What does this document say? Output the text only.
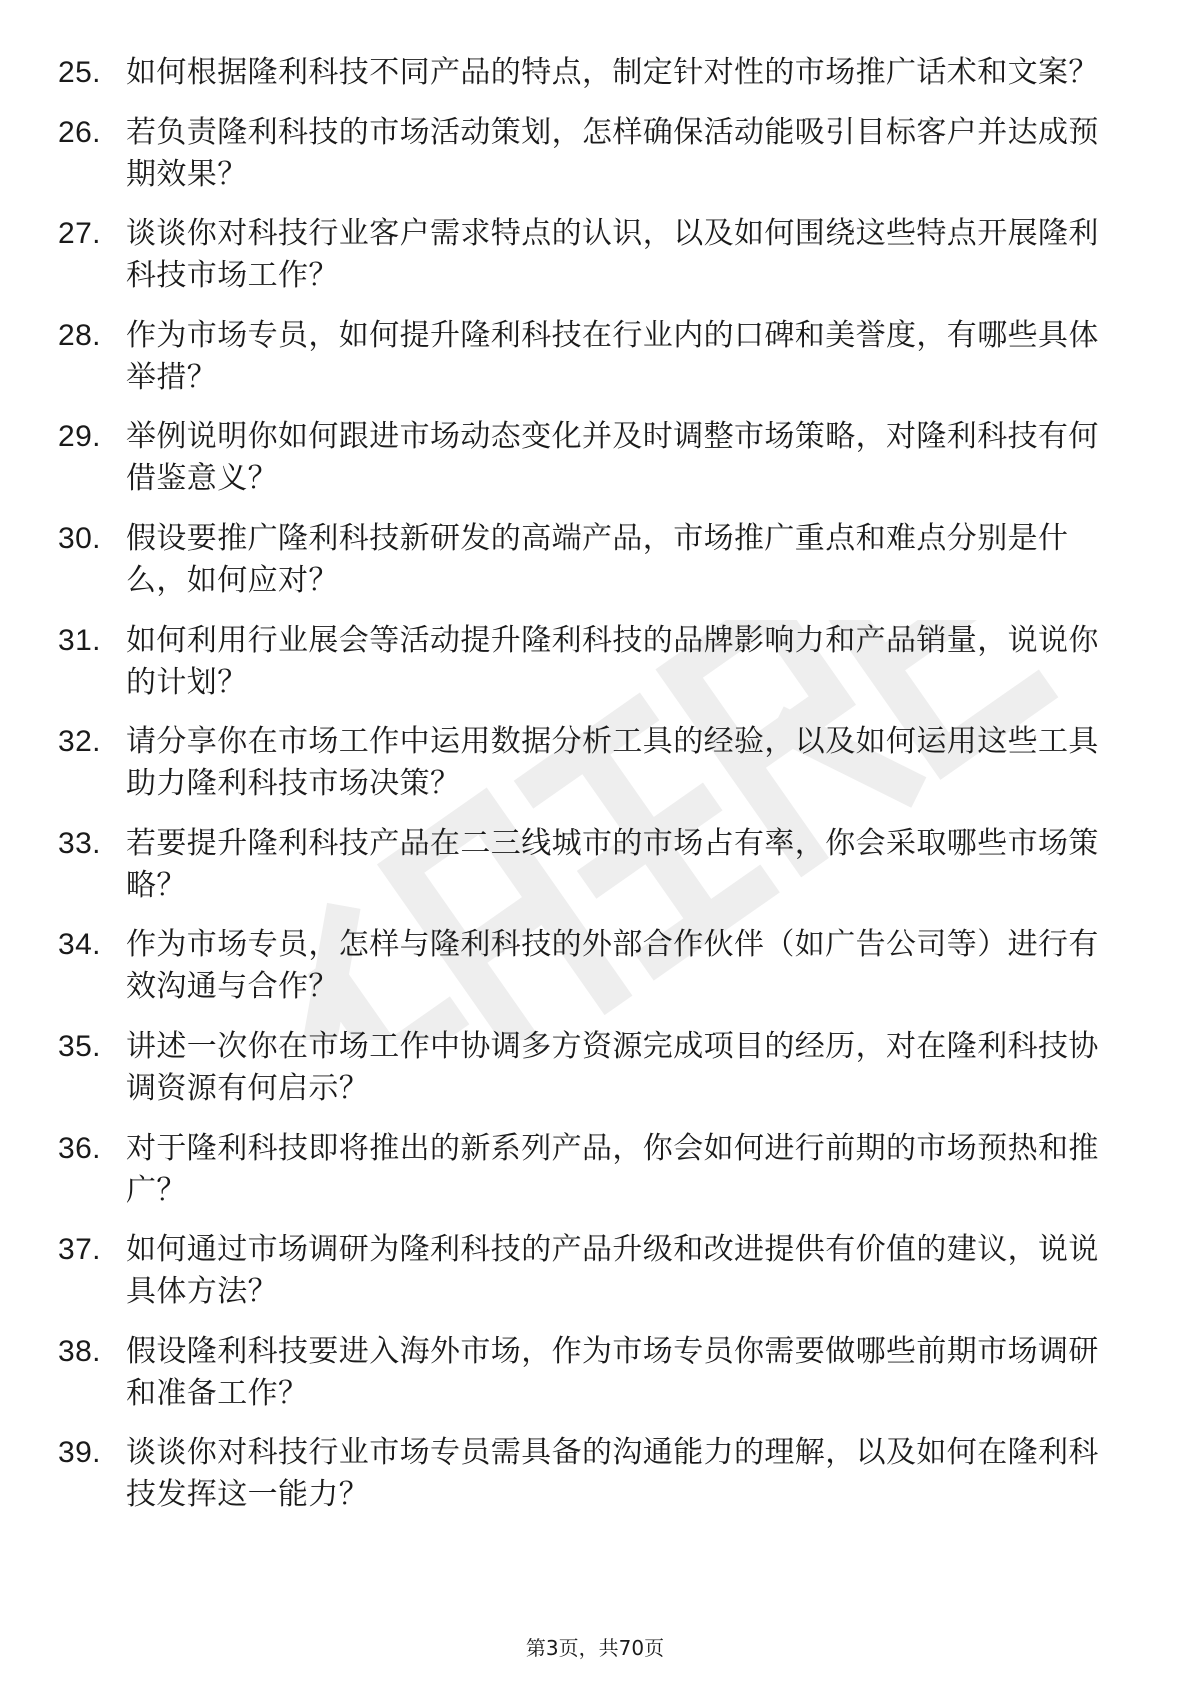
25. 如何根据隆利科技不同产品的特点，制定针对性的市场推广话术和文案？
26. 若负责隆利科技的市场活动策划，怎样确保活动能吸引目标客户并达成预期效果？
27. 谈谈你对科技行业客户需求特点的认识，以及如何围绕这些特点开展隆利科技市场工作？
28. 作为市场专员，如何提升隆利科技在行业内的口碑和美誉度，有哪些具体举措？
29. 举例说明你如何跟进市场动态变化并及时调整市场策略，对隆利科技有何借鉴意义？
30. 假设要推广隆利科技新研发的高端产品，市场推广重点和难点分别是什么，如何应对？
31. 如何利用行业展会等活动提升隆利科技的品牌影响力和产品销量，说说你的计划？
32. 请分享你在市场工作中运用数据分析工具的经验，以及如何运用这些工具助力隆利科技市场决策？
33. 若要提升隆利科技产品在二三线城市的市场占有率，你会采取哪些市场策略？
34. 作为市场专员，怎样与隆利科技的外部合作伙伴（如广告公司等）进行有效沟通与合作？
35. 讲述一次你在市场工作中协调多方资源完成项目的经历，对在隆利科技协调资源有何启示？
36. 对于隆利科技即将推出的新系列产品，你会如何进行前期的市场预热和推广？
37. 如何通过市场调研为隆利科技的产品升级和改进提供有价值的建议，说说具体方法？
38. 假设隆利科技要进入海外市场，作为市场专员你需要做哪些前期市场调研和准备工作？
39. 谈谈你对科技行业市场专员需具备的沟通能力的理解，以及如何在隆利科技发挥这一能力？
第3页，共70页
